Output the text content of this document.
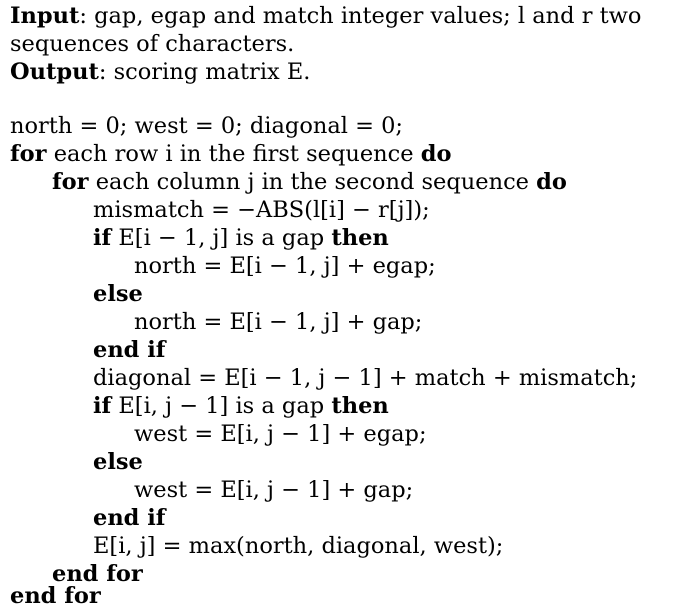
Input: gap, egap and match integer values; l and r two
sequences of characters.
Output: scoring matrix E.
north = 0; west = 0; diagonal = 0;
for each row i in the first sequence do
for each column j in the second sequence do
mismatch = −ABS(l[i] − r[j]);
if E[i − 1, j] is a gap then
north = E[i − 1, j] + egap;
else
north = E[i − 1, j] + gap;
end if
diagonal = E[i − 1, j − 1] + match + mismatch;
if E[i, j − 1] is a gap then
west = E[i, j − 1] + egap;
else
west = E[i, j − 1] + gap;
end if
E[i, j] = max(north, diagonal, west);
end for
end for
